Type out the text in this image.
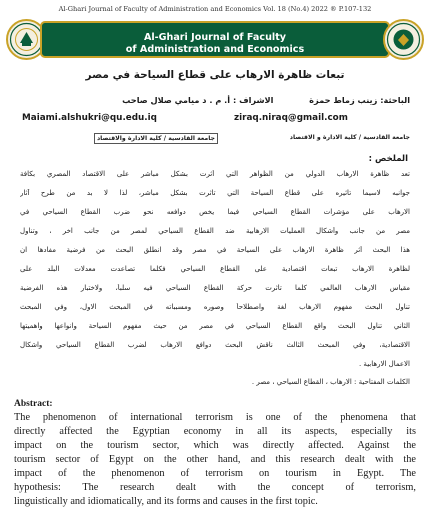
Al-Ghari Journal of Faculty of Administration and Economics Vol. 18 (No.4) 2022 ® P.107-132
Al-Ghari Journal of Faculty
of Administration and Economics
تبعات ظاهرة الارهاب على قطاع السياحة في مصر
الباحثة: زينب زماط حمزة  الاشراف : أ. م . د ميامي صلال صاحب
Maiami.alshukri@qu.edu.iq	ziraq.niraq@gmail.com
جامعة القادسية / كلية الادارة و الاقتصاد
جامعة القادسية / كلية الادارة والاقتصاد
الملخص :
تعد ظاهرة الارهاب الدولي من الظواهر التي أثرت بشكل مباشر على الاقتصاد المصري بكافة
جوانبه لاسيما تأثيره على قطاع السياحة التي تأثرت بشكل مباشر، لذا لا بد من طرح آثار
الارهاب على مؤشرات القطاع السياحي فيما يخص دوافعه نحو ضرب القطاع السياحي في
مصر من جانب وأشكال العمليات الارهابية ضد القطاع السياحي لمصر من جانب اخر ، وتناول
هذا البحث أثر ظاهرة الارهاب على السياحة في مصر وقد انطلق البحث من فرضية مفادها ان
لظاهرة الارهاب تبعات اقتصادية على القطاع السياحي فكلما تصاعدت معدلات البلد على
مقياس الارهاب العالمي كلما تأثرت حركة القطاع السياحي فيه سلباً، ولاختبار هذه الفرضية
تناول البحث مفهوم الارهاب لغة واصطلاحاً وصوره ومسبباته في المبحث الاول، وفي المبحث
الثاني تناول البحث واقع القطاع السياحي في مصر من حيث مفهوم السياحة وانواعها واهميتها
الاقتصادية، وفي المبحث الثالث ناقش البحث دوافع الارهاب لضرب القطاع السياحي واشكال
الاعمال الارهابية .
الكلمات المفتاحية : الارهاب ، القطاع السياحي ، مصر .
Abstract:
The phenomenon of international terrorism is one of the phenomena that
directly affected the Egyptian economy in all its aspects, especially its
impact on the tourism sector, which was directly affected. Against the
tourism sector of Egypt on the other hand, and this research dealt with the
impact of the phenomenon of terrorism on tourism in Egypt. The
hypothesis: The research dealt with the concept of terrorism,
linguistically and idiomatically, and its forms and causes in the first topic.
